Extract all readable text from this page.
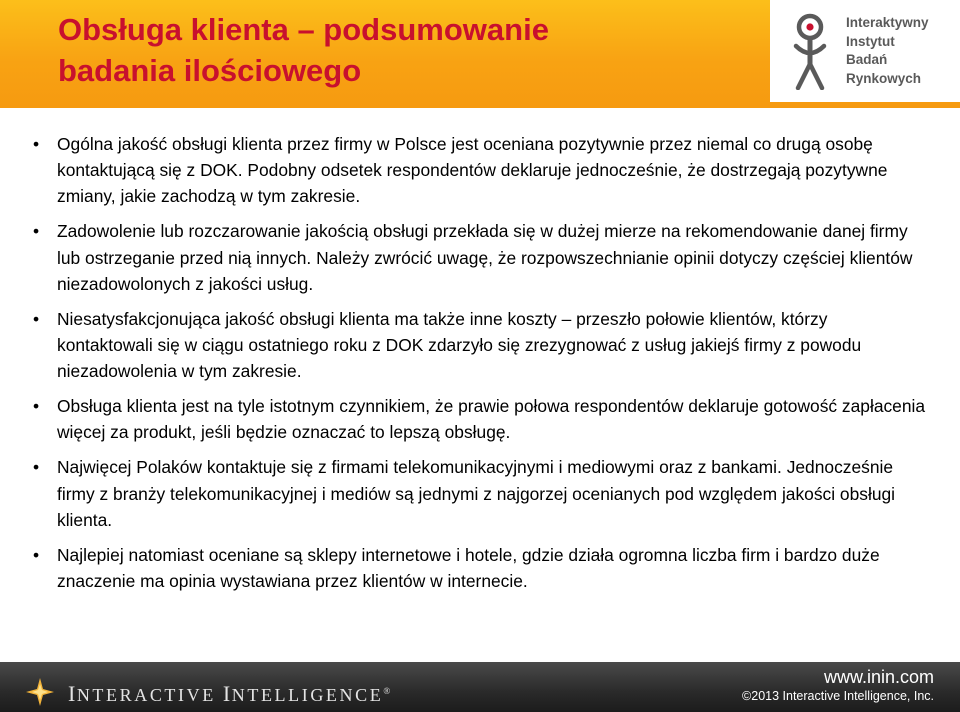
Obsługa klienta – podsumowanie
badania ilościowego
Interaktywny
Instytut
Badań
Rynkowych
• Ogólna jakość obsługi klienta przez firmy w Polsce jest oceniana pozytywnie przez niemal co drugą osobę kontaktującą się z DOK. Podobny odsetek respondentów deklaruje jednocześnie, że dostrzegają pozytywne zmiany, jakie zachodzą w tym zakresie.
• Zadowolenie lub rozczarowanie jakością obsługi przekłada się w dużej mierze na rekomendowanie danej firmy lub ostrzeganie przed nią innych. Należy zwrócić uwagę, że rozpowszechnianie opinii dotyczy częściej klientów niezadowolonych z jakości usług.
• Niesatysfakcjonująca jakość obsługi klienta ma także inne koszty – przeszło połowie klientów, którzy kontaktowali się w ciągu ostatniego roku z DOK zdarzyło się zrezygnować z usług jakiejś firmy z powodu niezadowolenia w tym zakresie.
• Obsługa klienta jest na tyle istotnym czynnikiem, że prawie połowa respondentów deklaruje gotowość zapłacenia więcej za produkt, jeśli będzie oznaczać to lepszą obsługę.
• Najwięcej Polaków kontaktuje się z firmami telekomunikacyjnymi i mediowymi oraz z bankami. Jednocześnie firmy z branży telekomunikacyjnej i mediów są jednymi z najgorzej ocenianych pod względem jakości obsługi klienta.
• Najlepiej natomiast oceniane są sklepy internetowe i hotele, gdzie działa ogromna liczba firm i bardzo duże znaczenie ma opinia wystawiana przez klientów w internecie.
INTERACTIVE INTELLIGENCE®
www.inin.com
©2013 Interactive Intelligence, Inc.
